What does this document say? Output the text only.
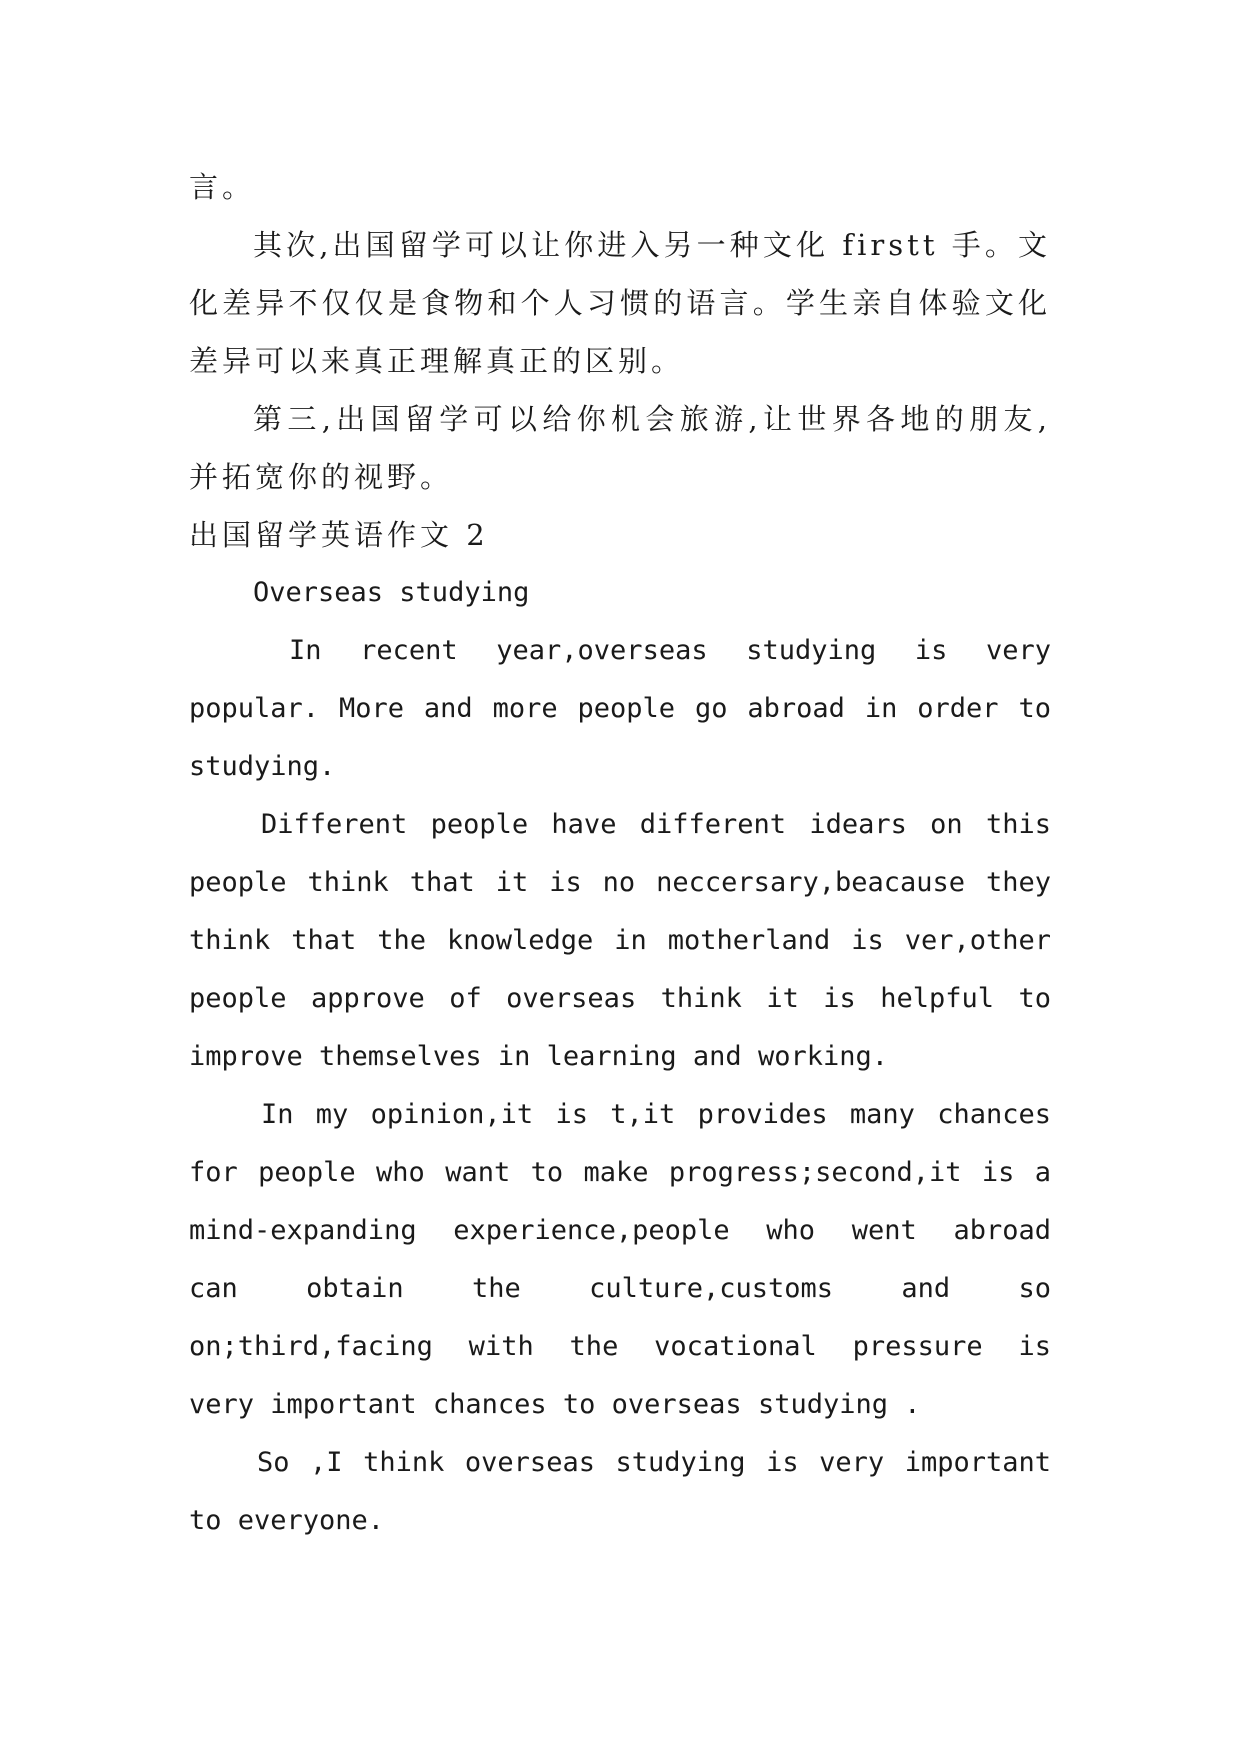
言。

其次,出国留学可以让你进入另一种文化 firstt 手。文

化差异不仅仅是食物和个人习惯的语言。学生亲自体验文化

差异可以来真正理解真正的区别。

第三,出国留学可以给你机会旅游,让世界各地的朋友,

并拓宽你的视野。

出国留学英语作文 2

Overseas studying

In recent year,overseas studying is very

popular. More and more people go abroad in order to

studying.

Different people have different idears on this

people think that it is no neccersary,beacause they

think that the knowledge in motherland is ver,other

people approve of overseas think it is helpful to

improve themselves in learning and working.

In my opinion,it is t,it provides many chances

for people who want to make progress;second,it is a

mind-expanding experience,people who went abroad

can obtain the culture,customs and so

on;third,facing with the vocational pressure is

very important chances to overseas studying .

So ,I think overseas studying is very important

to everyone.
